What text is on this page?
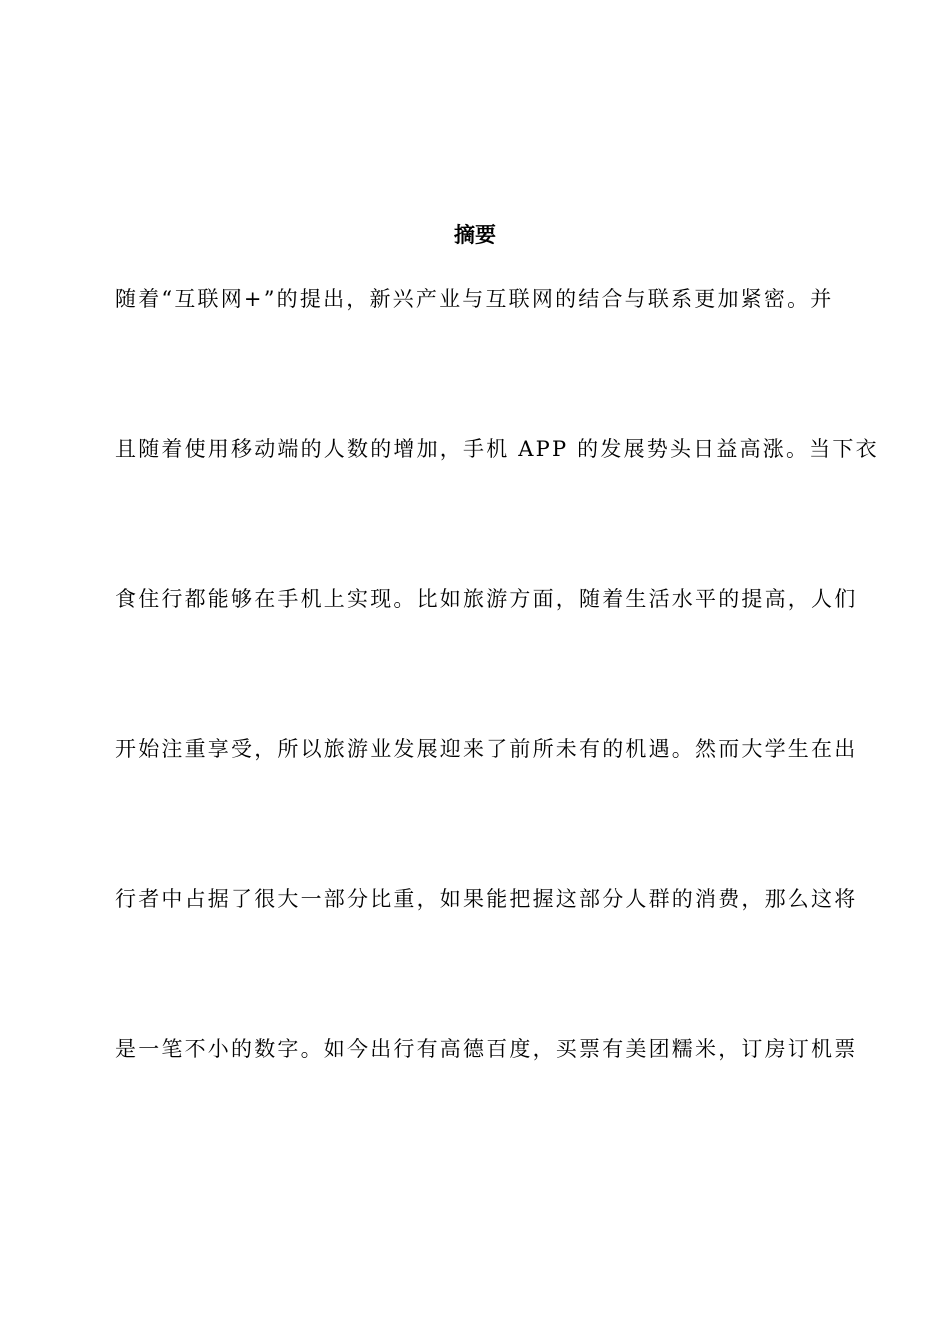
摘要

随着“互联网+”的提出，新兴产业与互联网的结合与联系更加紧密。并

且随着使用移动端的人数的增加，手机 APP 的发展势头日益高涨。当下衣

食住行都能够在手机上实现。比如旅游方面，随着生活水平的提高，人们

开始注重享受，所以旅游业发展迎来了前所未有的机遇。然而大学生在出

行者中占据了很大一部分比重，如果能把握这部分人群的消费，那么这将

是一笔不小的数字。如今出行有高德百度，买票有美团糯米，订房订机票
